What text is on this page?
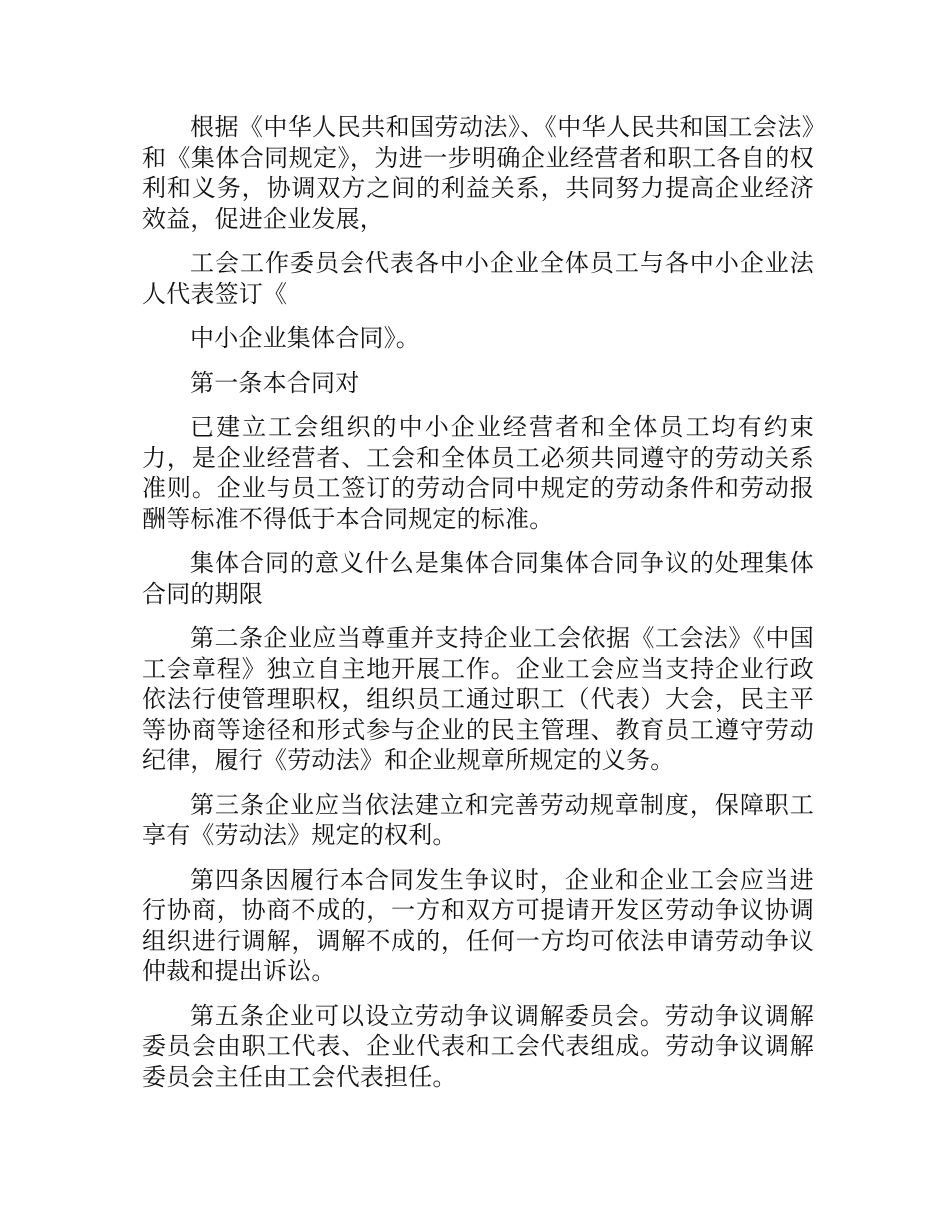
根据《中华人民共和国劳动法》、《中华人民共和国工会法》和《集体合同规定》，为进一步明确企业经营者和职工各自的权利和义务，协调双方之间的利益关系，共同努力提高企业经济效益，促进企业发展，

工会工作委员会代表各中小企业全体员工与各中小企业法人代表签订《

中小企业集体合同》。

第一条本合同对

已建立工会组织的中小企业经营者和全体员工均有约束力，是企业经营者、工会和全体员工必须共同遵守的劳动关系准则。企业与员工签订的劳动合同中规定的劳动条件和劳动报酬等标准不得低于本合同规定的标准。

集体合同的意义什么是集体合同集体合同争议的处理集体合同的期限

第二条企业应当尊重并支持企业工会依据《工会法》《中国工会章程》独立自主地开展工作。企业工会应当支持企业行政依法行使管理职权，组织员工通过职工（代表）大会，民主平等协商等途径和形式参与企业的民主管理、教育员工遵守劳动纪律，履行《劳动法》和企业规章所规定的义务。

第三条企业应当依法建立和完善劳动规章制度，保障职工享有《劳动法》规定的权利。

第四条因履行本合同发生争议时，企业和企业工会应当进行协商，协商不成的，一方和双方可提请开发区劳动争议协调组织进行调解，调解不成的，任何一方均可依法申请劳动争议仲裁和提出诉讼。

第五条企业可以设立劳动争议调解委员会。劳动争议调解委员会由职工代表、企业代表和工会代表组成。劳动争议调解委员会主任由工会代表担任。
